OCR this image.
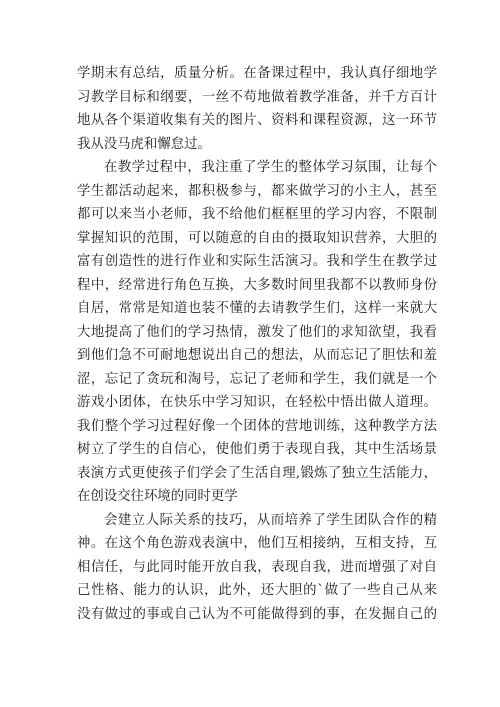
学期末有总结，质量分析。在备课过程中，我认真仔细地学
习教学目标和纲要，一丝不苟地做着教学准备，并千方百计
地从各个渠道收集有关的图片、资料和课程资源，这一环节
我从没马虎和懈怠过。
在教学过程中，我注重了学生的整体学习氛围，让每个
学生都活动起来，都积极参与，都来做学习的小主人，甚至
都可以来当小老师，我不给他们框框里的学习内容，不限制
掌握知识的范围，可以随意的自由的摄取知识营养，大胆的
富有创造性的进行作业和实际生活演习。我和学生在教学过
程中，经常进行角色互换，大多数时间里我都不以教师身份
自居，常常是知道也装不懂的去请教学生们，这样一来就大
大地提高了他们的学习热情，激发了他们的求知欲望，我看
到他们急不可耐地想说出自己的想法，从而忘记了胆怯和羞
涩，忘记了贪玩和淘号，忘记了老师和学生，我们就是一个
游戏小团体，在快乐中学习知识，在轻松中悟出做人道理。
我们整个学习过程好像一个团体的营地训练，这种教学方法
树立了学生的自信心，使他们勇于表现自我，其中生活场景
表演方式更使孩子们学会了生活自理,锻炼了独立生活能力，
在创设交往环境的同时更学
会建立人际关系的技巧，从而培养了学生团队合作的精
神。在这个角色游戏表演中，他们互相接纳，互相支持，互
相信任，与此同时能开放自我，表现自我，进而增强了对自
己性格、能力的认识，此外，还大胆的`做了一些自己从来
没有做过的事或自己认为不可能做得到的事，在发掘自己的
